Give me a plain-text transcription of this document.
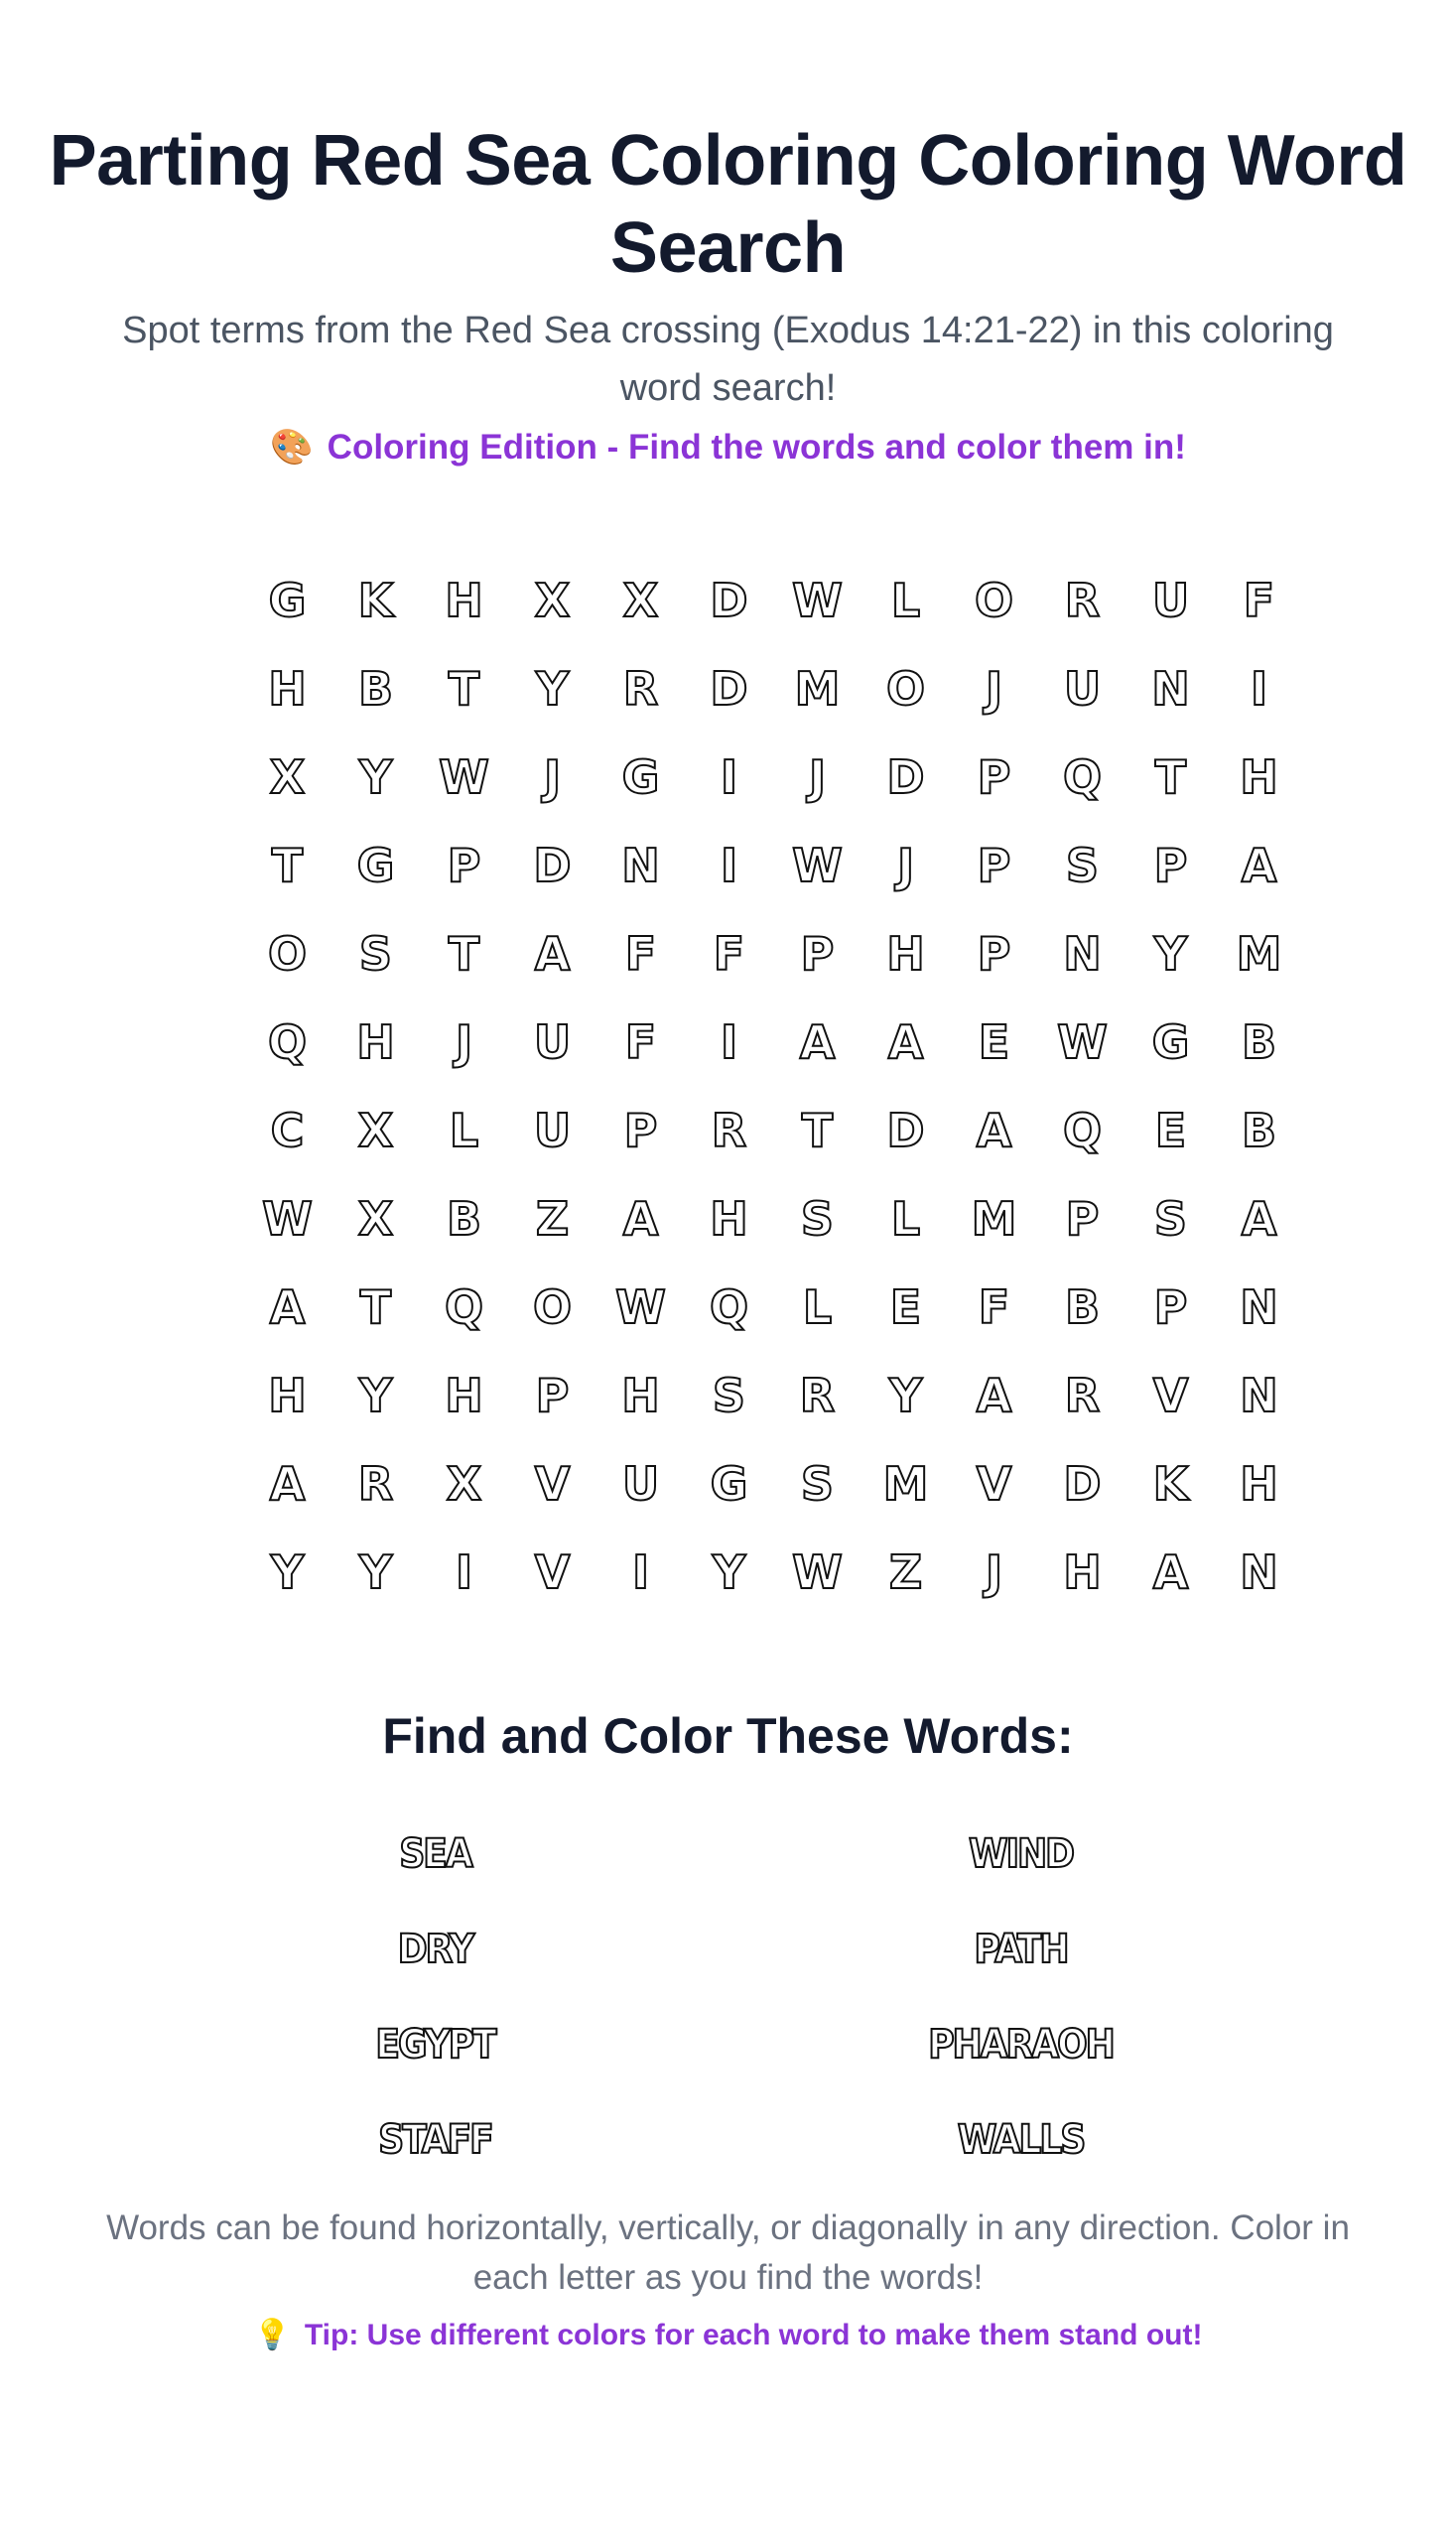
Parting Red Sea Coloring Coloring Word Search
Spot terms from the Red Sea crossing (Exodus 14:21-22) in this coloring word search!
🎨 Coloring Edition - Find the words and color them in!
G	K	H	X	X	D W	L	O	R	U	F
H	B	T	Y	R	D	M	O	J	U	N	I
X	Y	W	J	G	I	J	D	P	Q	T	H
T	G	P	D	N	I	W	J	P	S	P	A
O	S	T	A	F	F	P	H	P	N	Y	M
Q	H	J	U	F	I	A	A	E	W G	B
C	X	L	U	P	R	T	D	A	Q	E	B
W X	B	Z	A	H	S	L	M	P	S	A
A	T	Q	O W Q	L	E	F	B	P	N
H	Y	H	P	H	S	R	Y	A	R	V	N
A	R	X	V	U	G	S	M	V	D	K	H
Y	Y	I	V	I	Y	W	Z	J	H	A	N
Find and Color These Words:
SEA	WIND
DRY	PATH
EGYPT	PHARAOH
STAFF	WALLS
Words can be found horizontally, vertically, or diagonally in any direction. Color in each letter as you find the words!
💡 Tip: Use different colors for each word to make them stand out!
